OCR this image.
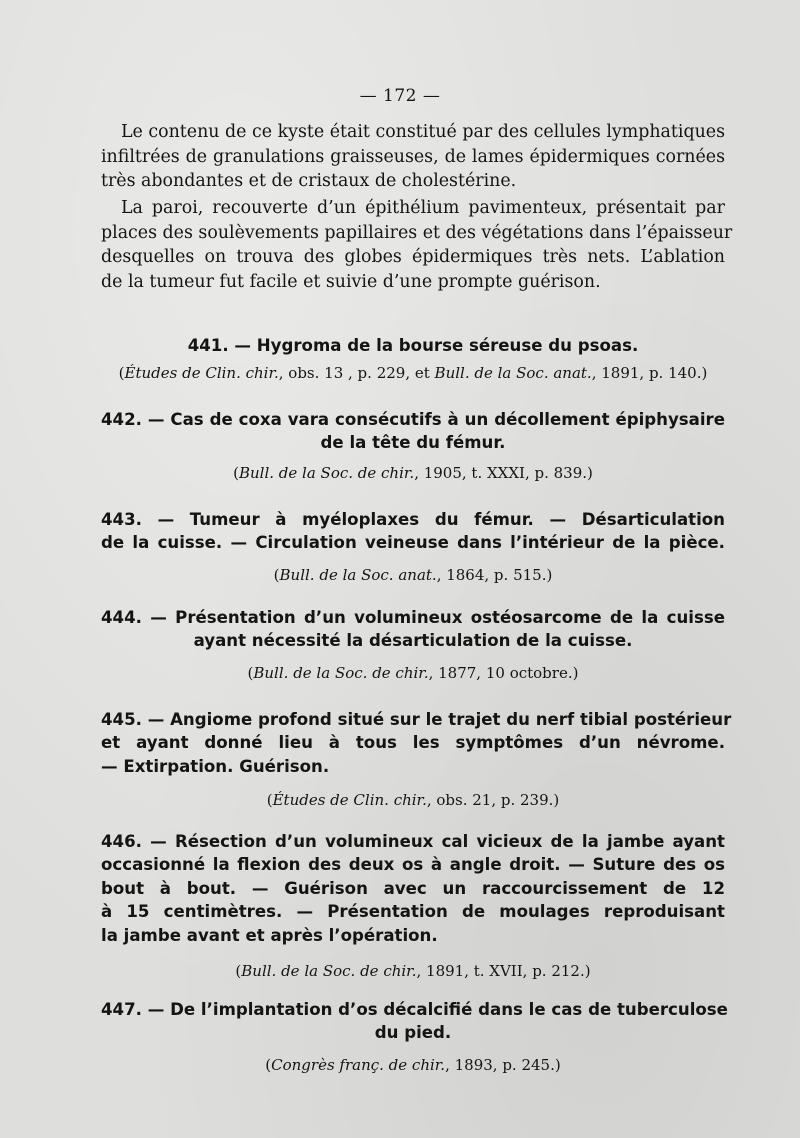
— 172 —

Le contenu de ce kyste était constitué par des cellules lymphatiques
infiltrées de granulations graisseuses, de lames épidermiques cornées
très abondantes et de cristaux de cholestérine.

La paroi, recouverte d’un épithélium pavimenteux, présentait par
places des soulèvements papillaires et des végétations dans l’épaisseur
desquelles on trouva des globes épidermiques très nets. L’ablation
de la tumeur fut facile et suivie d’une prompte guérison.

441. — Hygroma de la bourse séreuse du psoas.

(Études de Clin. chir., obs. 13 , p. 229, et Bull. de la Soc. anat., 1891, p. 140.)

442. — Cas de coxa vara consécutifs à un décollement épiphysaire
de la tête du fémur.

(Bull. de la Soc. de chir., 1905, t. XXXI, p. 839.)

443. — Tumeur à myéloplaxes du fémur. — Désarticulation
de la cuisse. — Circulation veineuse dans l’intérieur de la pièce.

(Bull. de la Soc. anat., 1864, p. 515.)

444. — Présentation d’un volumineux ostéosarcome de la cuisse
ayant nécessité la désarticulation de la cuisse.

(Bull. de la Soc. de chir., 1877, 10 octobre.)

445. — Angiome profond situé sur le trajet du nerf tibial postérieur
et ayant donné lieu à tous les symptômes d’un névrome.
— Extirpation. Guérison.

(Études de Clin. chir., obs. 21, p. 239.)

446. — Résection d’un volumineux cal vicieux de la jambe ayant
occasionné la flexion des deux os à angle droit. — Suture des os
bout à bout. — Guérison avec un raccourcissement de 12
à 15 centimètres. — Présentation de moulages reproduisant
la jambe avant et après l’opération.

(Bull. de la Soc. de chir., 1891, t. XVII, p. 212.)

447. — De l’implantation d’os décalcifié dans le cas de tuberculose
du pied.

(Congrès franç. de chir., 1893, p. 245.)
